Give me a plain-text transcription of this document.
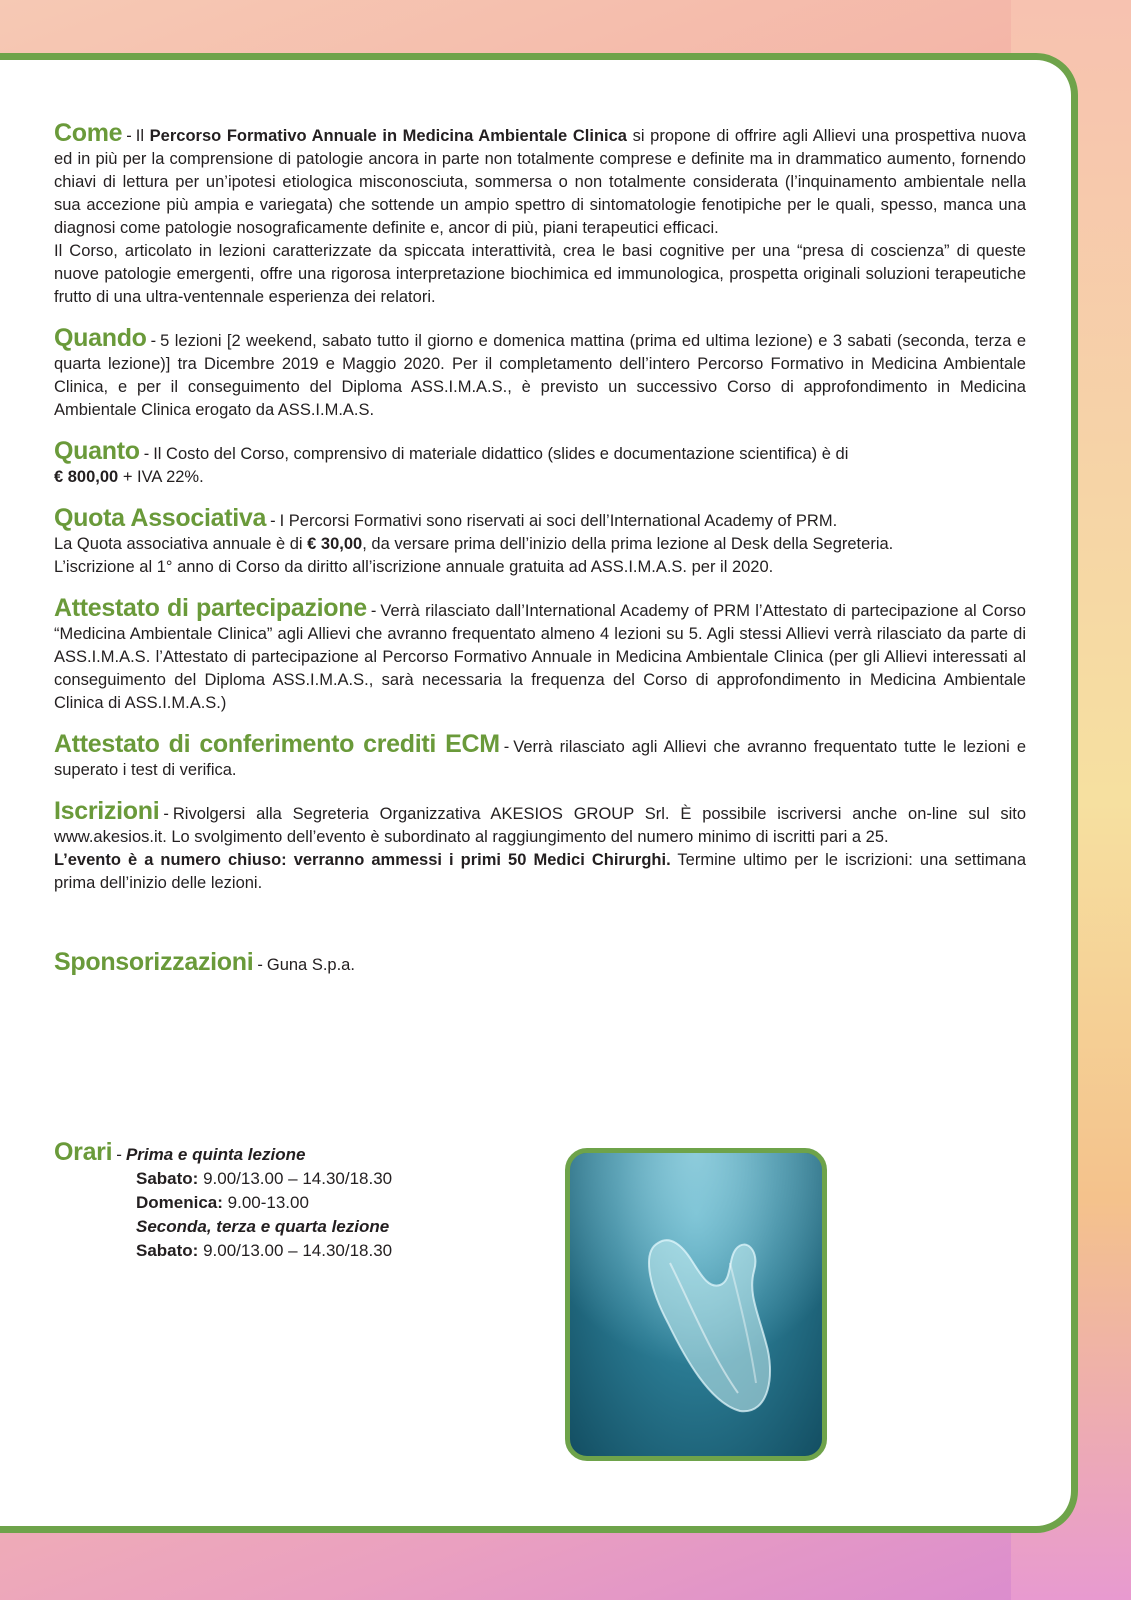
Come - Il Percorso Formativo Annuale in Medicina Ambientale Clinica si propone di offrire agli Allievi una prospettiva nuova ed in più per la comprensione di patologie ancora in parte non totalmente comprese e definite ma in drammatico aumento, fornendo chiavi di lettura per un’ipotesi etiologica misconosciuta, sommersa o non totalmente considerata (l’inquinamento ambientale nella sua accezione più ampia e variegata) che sottende un ampio spettro di sintomatologie fenotipiche per le quali, spesso, manca una diagnosi come patologie nosograficamente definite e, ancor di più, piani terapeutici efficaci.

Il Corso, articolato in lezioni caratterizzate da spiccata interattività, crea le basi cognitive per una “presa di coscienza” di queste nuove patologie emergenti, offre una rigorosa interpretazione biochimica ed immunologica, prospetta originali soluzioni terapeutiche frutto di una ultra-ventennale esperienza dei relatori.

Quando - 5 lezioni [2 weekend, sabato tutto il giorno e domenica mattina (prima ed ultima lezione) e 3 sabati (seconda, terza e quarta lezione)] tra Dicembre 2019 e Maggio 2020. Per il completamento dell’intero Percorso Formativo in Medicina Ambientale Clinica, e per il conseguimento del Diploma ASS.I.M.A.S., è previsto un successivo Corso di approfondimento in Medicina Ambientale Clinica erogato da ASS.I.M.A.S.

Quanto - Il Costo del Corso, comprensivo di materiale didattico (slides e documentazione scientifica) è di
€ 800,00 + IVA 22%.

Quota Associativa - I Percorsi Formativi sono riservati ai soci dell’International Academy of PRM.
La Quota associativa annuale è di € 30,00, da versare prima dell’inizio della prima lezione al Desk della Segreteria.
L’iscrizione al 1° anno di Corso da diritto all’iscrizione annuale gratuita ad ASS.I.M.A.S. per il 2020.

Attestato di partecipazione - Verrà rilasciato dall’International Academy of PRM l’Attestato di partecipazione al Corso “Medicina Ambientale Clinica” agli Allievi che avranno frequentato almeno 4 lezioni su 5. Agli stessi Allievi verrà rilasciato da parte di ASS.I.M.A.S. l’Attestato di partecipazione al Percorso Formativo Annuale in Medicina Ambientale Clinica (per gli Allievi interessati al conseguimento del Diploma ASS.I.M.A.S., sarà necessaria la frequenza del Corso di approfondimento in Medicina Ambientale Clinica di ASS.I.M.A.S.)

Attestato di conferimento crediti ECM - Verrà rilasciato agli Allievi che avranno frequentato tutte le lezioni e superato i test di verifica.

Iscrizioni - Rivolgersi alla Segreteria Organizzativa AKESIOS GROUP Srl. È possibile iscriversi anche on-line sul sito www.akesios.it. Lo svolgimento dell’evento è subordinato al raggiungimento del numero minimo di iscritti pari a 25.
L’evento è a numero chiuso: verranno ammessi i primi 50 Medici Chirurghi. Termine ultimo per le iscrizioni: una settimana prima dell’inizio delle lezioni.

Sponsorizzazioni - Guna S.p.a.

Orari - Prima e quinta lezione
Sabato: 9.00/13.00 – 14.30/18.30
Domenica: 9.00-13.00
Seconda, terza e quarta lezione
Sabato: 9.00/13.00 – 14.30/18.30
